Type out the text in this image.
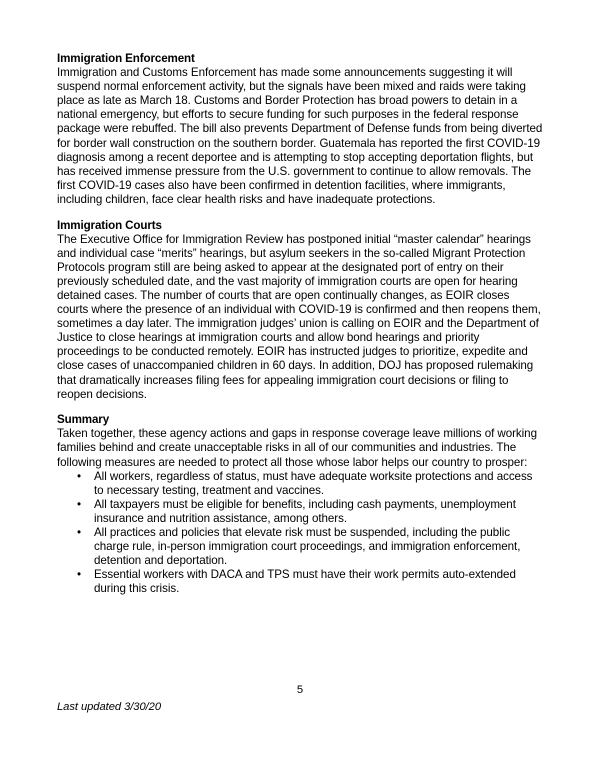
Immigration Enforcement

Immigration and Customs Enforcement has made some announcements suggesting it will suspend normal enforcement activity, but the signals have been mixed and raids were taking place as late as March 18. Customs and Border Protection has broad powers to detain in a national emergency, but efforts to secure funding for such purposes in the federal response package were rebuffed. The bill also prevents Department of Defense funds from being diverted for border wall construction on the southern border. Guatemala has reported the first COVID-19 diagnosis among a recent deportee and is attempting to stop accepting deportation flights, but has received immense pressure from the U.S. government to continue to allow removals. The first COVID-19 cases also have been confirmed in detention facilities, where immigrants, including children, face clear health risks and have inadequate protections.

Immigration Courts

The Executive Office for Immigration Review has postponed initial “master calendar” hearings and individual case “merits” hearings, but asylum seekers in the so-called Migrant Protection Protocols program still are being asked to appear at the designated port of entry on their previously scheduled date, and the vast majority of immigration courts are open for hearing detained cases. The number of courts that are open continually changes, as EOIR closes courts where the presence of an individual with COVID-19 is confirmed and then reopens them, sometimes a day later. The immigration judges’ union is calling on EOIR and the Department of Justice to close hearings at immigration courts and allow bond hearings and priority proceedings to be conducted remotely. EOIR has instructed judges to prioritize, expedite and close cases of unaccompanied children in 60 days. In addition, DOJ has proposed rulemaking that dramatically increases filing fees for appealing immigration court decisions or filing to reopen decisions.

Summary

Taken together, these agency actions and gaps in response coverage leave millions of working families behind and create unacceptable risks in all of our communities and industries. The following measures are needed to protect all those whose labor helps our country to prosper:

•	All workers, regardless of status, must have adequate worksite protections and access to necessary testing, treatment and vaccines.
•	All taxpayers must be eligible for benefits, including cash payments, unemployment insurance and nutrition assistance, among others.
•	All practices and policies that elevate risk must be suspended, including the public charge rule, in-person immigration court proceedings, and immigration enforcement, detention and deportation.
•	Essential workers with DACA and TPS must have their work permits auto-extended during this crisis.
5
Last updated 3/30/20
